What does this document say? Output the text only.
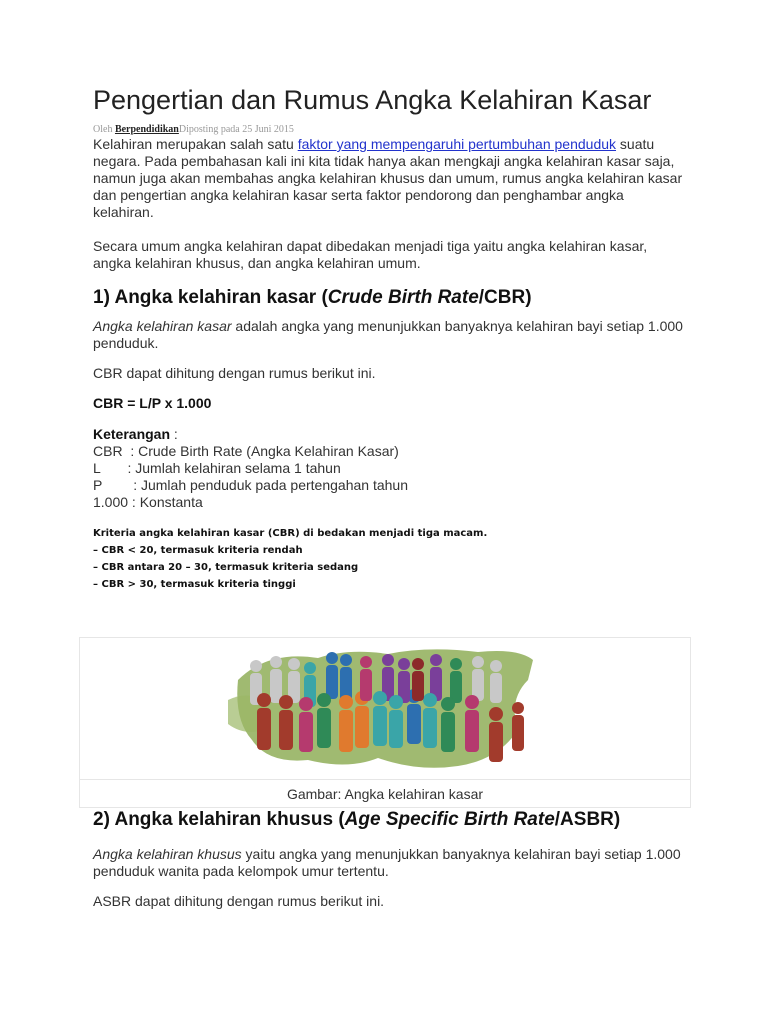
Pengertian dan Rumus Angka Kelahiran Kasar
Oleh BerpendidikanDiposting pada 25 Juni 2015

Kelahiran merupakan salah satu faktor yang mempengaruhi pertumbuhan penduduk suatu negara. Pada pembahasan kali ini kita tidak hanya akan mengkaji angka kelahiran kasar saja, namun juga akan membahas angka kelahiran khusus dan umum, rumus angka kelahiran kasar dan pengertian angka kelahiran kasar serta faktor pendorong dan penghambar angka kelahiran.

Secara umum angka kelahiran dapat dibedakan menjadi tiga yaitu angka kelahiran kasar, angka kelahiran khusus, dan angka kelahiran umum.

1) Angka kelahiran kasar (Crude Birth Rate/CBR)

Angka kelahiran kasar adalah angka yang menunjukkan banyaknya kelahiran bayi setiap 1.000 penduduk.

CBR dapat dihitung dengan rumus berikut ini.

CBR = L/P x 1.000

Keterangan :

CBR  : Crude Birth Rate (Angka Kelahiran Kasar)

L       : Jumlah kelahiran selama 1 tahun

P        : Jumlah penduduk pada pertengahan tahun

1.000 : Konstanta

Kriteria angka kelahiran kasar (CBR) di bedakan menjadi tiga macam.
– CBR < 20, termasuk kriteria rendah
– CBR antara 20 – 30, termasuk kriteria sedang
– CBR > 30, termasuk kriteria tinggi
Gambar: Angka kelahiran kasar
2) Angka kelahiran khusus (Age Specific Birth Rate/ASBR)

Angka kelahiran khusus yaitu angka yang menunjukkan banyaknya kelahiran bayi setiap 1.000 penduduk wanita pada kelompok umur tertentu.

ASBR dapat dihitung dengan rumus berikut ini.
